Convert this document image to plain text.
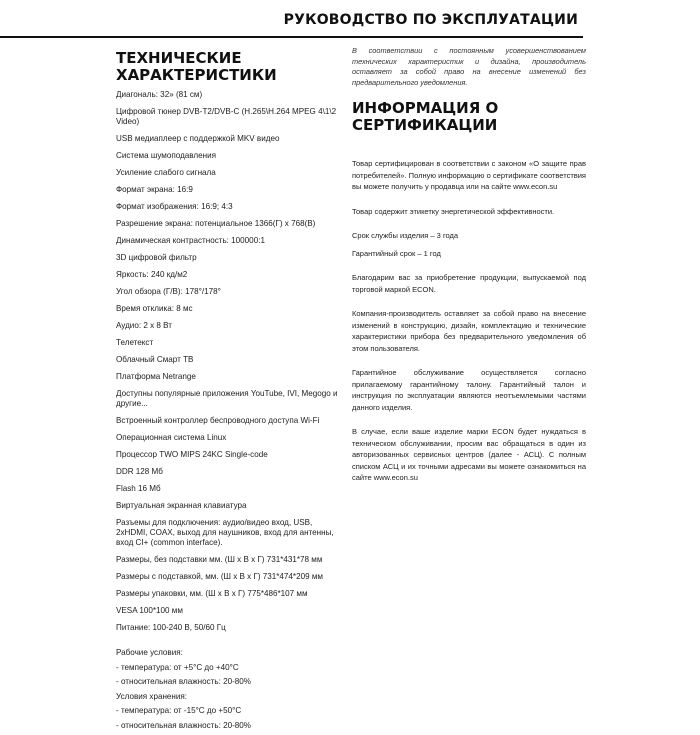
РУКОВОДСТВО ПО ЭКСПЛУАТАЦИИ
ТЕХНИЧЕСКИЕ ХАРАКТЕРИСТИКИ
Диагональ: 32» (81 см)
Цифровой тюнер DVB-T2/DVB-C (H.265\H.264 MPEG 4\1\2 Video)
USB медиаплеер с поддержкой MKV видео
Система шумоподавления
Усиление слабого сигнала
Формат экрана: 16:9
Формат изображения: 16:9; 4:3
Разрешение экрана: потенциальное 1366(Г) х 768(В)
Динамическая контрастность: 100000:1
3D цифровой фильтр
Яркость: 240 кд/м2
Угол обзора (Г/В): 178°/178°
Время отклика: 8 мс
Аудио: 2 х 8 Вт
Телетекст
Облачный Смарт ТВ
Платформа Netrange
Доступны популярные приложения YouTube, IVI, Megogo и другие...
Встроенный контроллер беспроводного доступа Wi-Fi
Операционная система Linux
Процессор TWO MIPS 24KC Single-code
DDR 128 Мб
Flash 16 Мб
Виртуальная экранная клавиатура
Разъемы для подключения: аудио/видео вход, USB, 2хHDMI, COAX, выход для наушников, вход для антенны, вход CI+ (common interface).
Размеры, без подставки мм. (Ш х В х Г) 731*431*78 мм
Размеры с подставкой, мм. (Ш х В х Г) 731*474*209 мм
Размеры упаковки, мм. (Ш х В х Г) 775*486*107 мм
VESA 100*100 мм
Питание: 100-240 В, 50/60 Гц
Рабочие условия:
- температура: от +5°С до +40°С
- относительная влажность: 20-80%
Условия хранения:
- температура: от -15°С до +50°С
- относительная влажность: 20-80%

В соответствии с постоянным усовершенствованием технических характеристик и дизайна, производитель оставляет за собой право на внесение изменений без предварительного уведомления.

ИНФОРМАЦИЯ О СЕРТИФИКАЦИИ

Товар сертифицирован в соответствии с законом «О защите прав потребителей». Полную информацию о сертификате соответствия вы можете получить у продавца или на сайте www.econ.su

Товар содержит этикетку энергетической эффективности.

Срок службы изделия – 3 года

Гарантийный срок – 1 год

Благодарим вас за приобретение продукции, выпускаемой под торговой маркой ECON.

Компания-производитель оставляет за собой право на внесение изменений в конструкцию, дизайн, комплектацию и технические характеристики прибора без предварительного уведомления об этом пользователя.

Гарантийное обслуживание осуществляется согласно прилагаемому гарантийному талону. Гарантийный талон и инструкция по эксплуатации являются неотъемлемыми частями данного изделия.

В случае, если ваше изделие марки ECON будет нуждаться в техническом обслуживании, просим вас обращаться в один из авторизованных сервисных центров (далее - АСЦ). С полным списком АСЦ и их точными адресами вы можете ознакомиться на сайте www.econ.su
